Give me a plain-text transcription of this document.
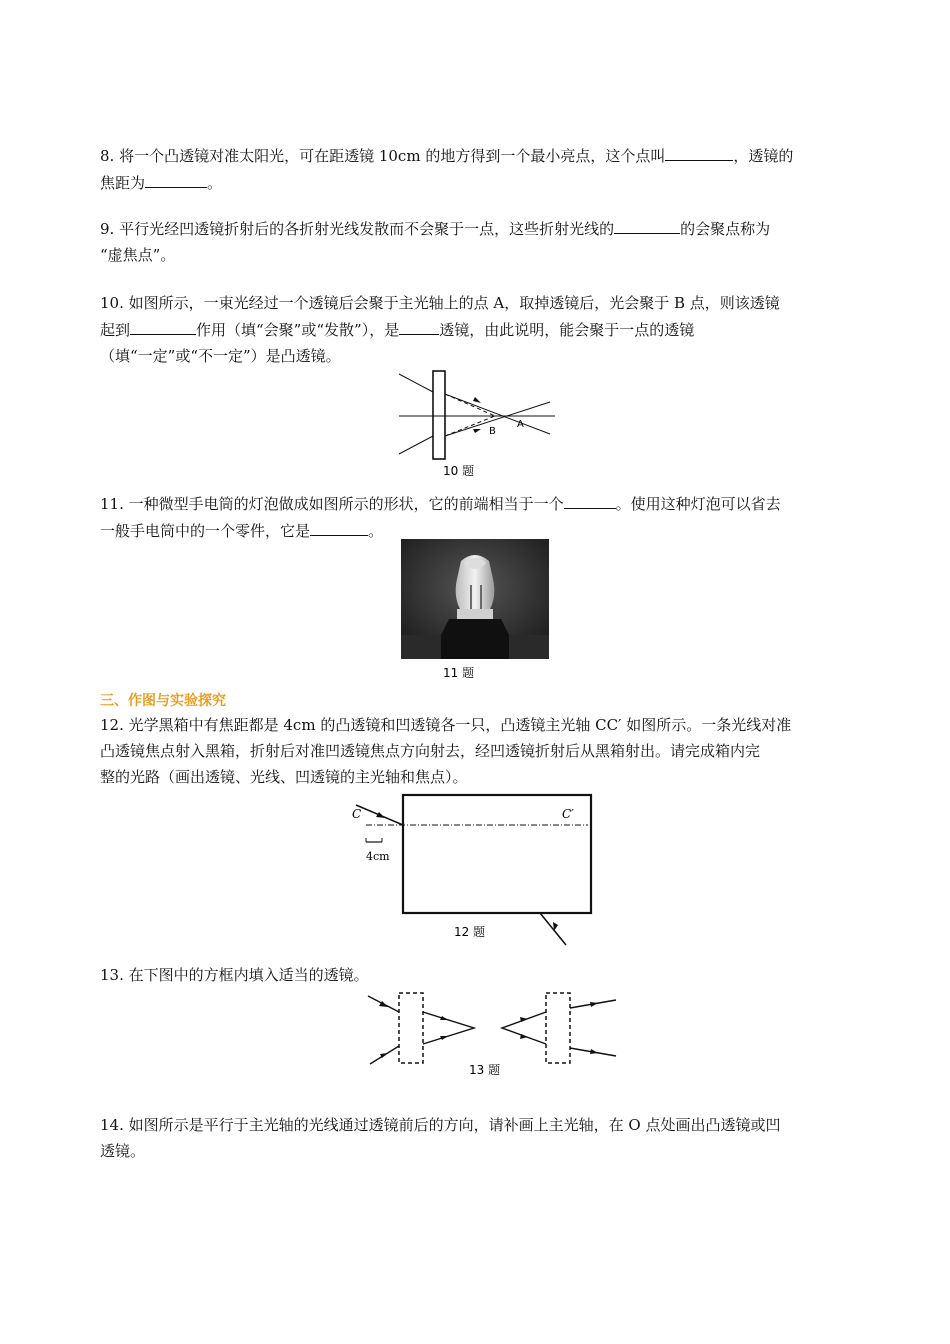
8. 将一个凸透镜对准太阳光，可在距透镜 10cm 的地方得到一个最小亮点，这个点叫	，透镜的
焦距为	。
9. 平行光经凹透镜折射后的各折射光线发散而不会聚于一点，这些折射光线的	的会聚点称为
“虚焦点”。
10. 如图所示，一束光经过一个透镜后会聚于主光轴上的点 A，取掉透镜后，光会聚于 B 点，则该透镜
起到	作用（填“会聚”或“发散”），是	透镜，由此说明，能会聚于一点的透镜
（填“一定”或“不一定”）是凸透镜。
B
A
10 题
11. 一种微型手电筒的灯泡做成如图所示的形状，它的前端相当于一个	。使用这种灯泡可以省去
一般手电筒中的一个零件，它是	。
11 题
三、作图与实验探究
12. 光学黑箱中有焦距都是 4cm 的凸透镜和凹透镜各一只，凸透镜主光轴 CC′ 如图所示。一条光线对准
凸透镜焦点射入黑箱，折射后对准凹透镜焦点方向射去，经凹透镜折射后从黑箱射出。请完成箱内完
整的光路（画出透镜、光线、凹透镜的主光轴和焦点）。
C	C′
4cm
12 题
13. 在下图中的方框内填入适当的透镜。
13 题
14. 如图所示是平行于主光轴的光线通过透镜前后的方向，请补画上主光轴，在 O 点处画出凸透镜或凹
透镜。
